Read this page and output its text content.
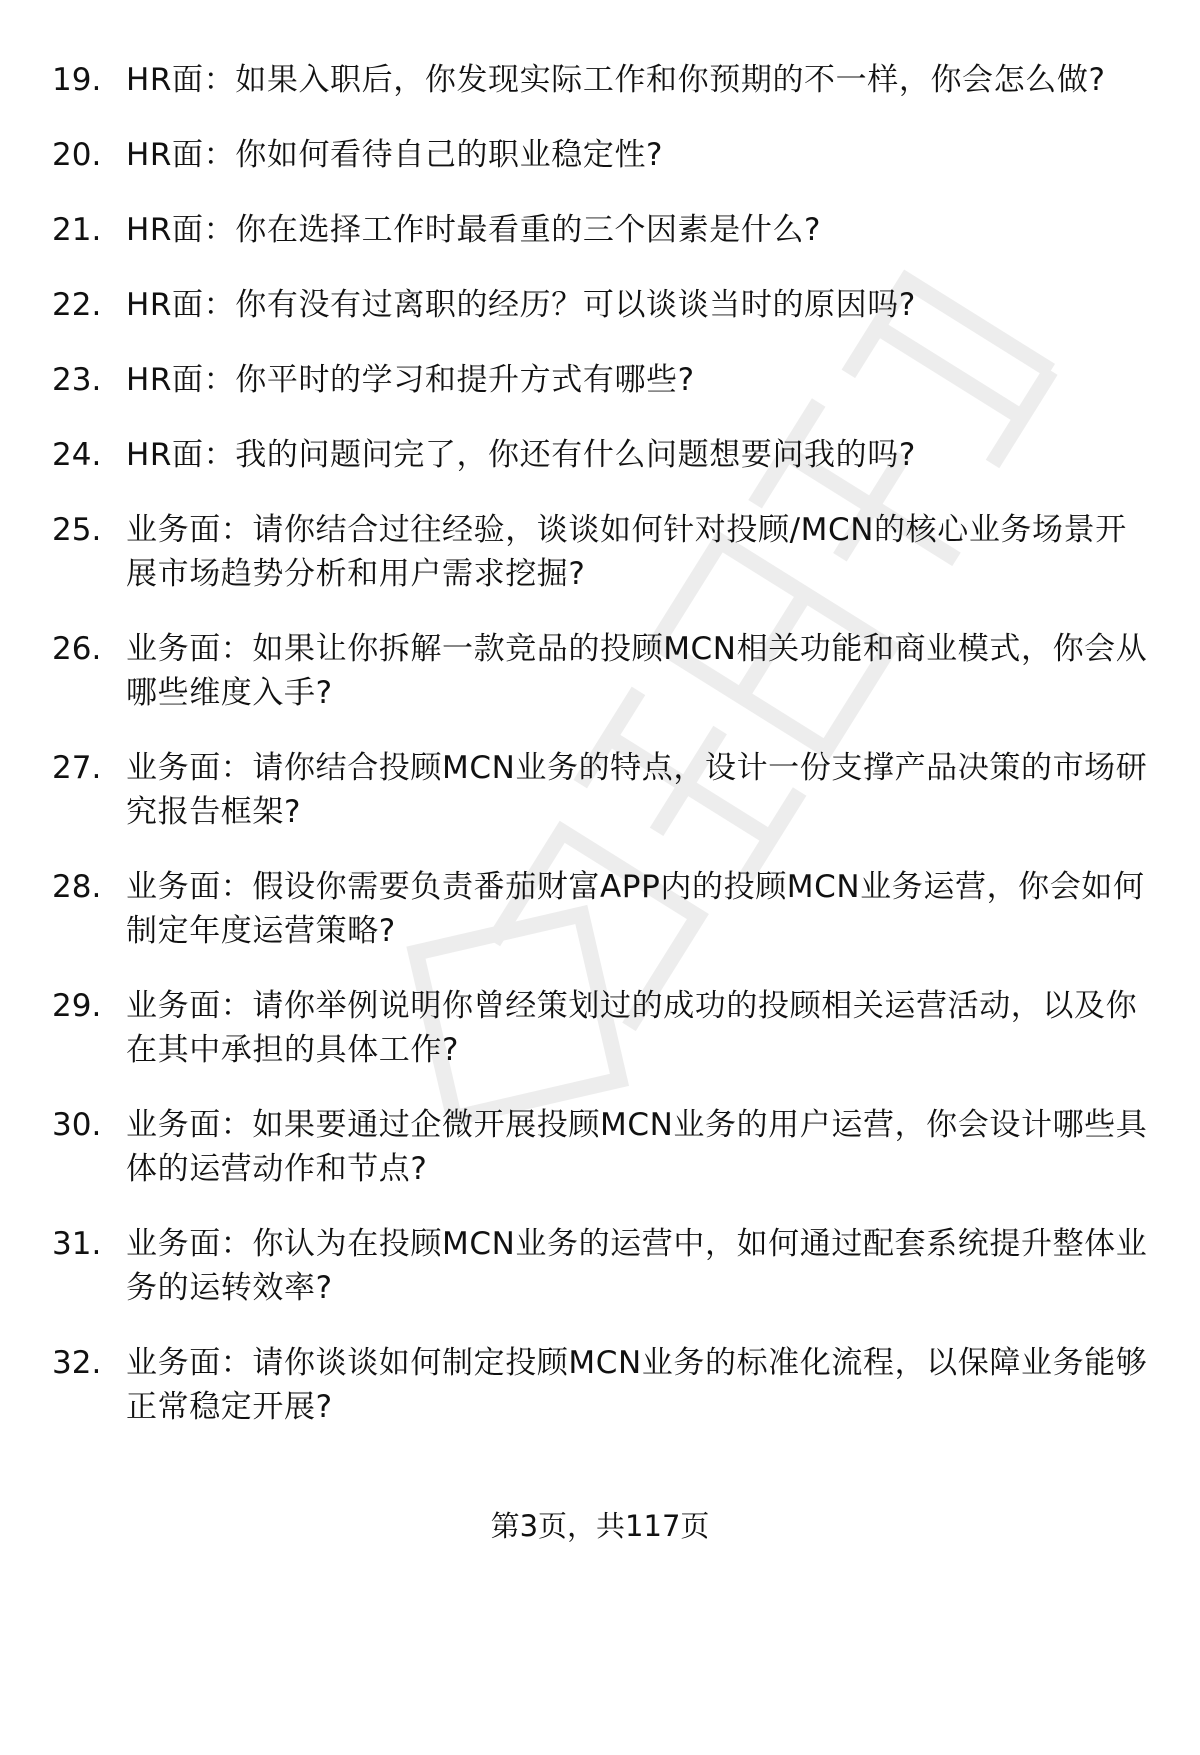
19. HR面：如果入职后，你发现实际工作和你预期的不一样，你会怎么做?
20. HR面：你如何看待自己的职业稳定性?
21. HR面：你在选择工作时最看重的三个因素是什么?
22. HR面：你有没有过离职的经历？可以谈谈当时的原因吗?
23. HR面：你平时的学习和提升方式有哪些?
24. HR面：我的问题问完了，你还有什么问题想要问我的吗?
25. 业务面：请你结合过往经验，谈谈如何针对投顾/MCN的核心业务场景开展市场趋势分析和用户需求挖掘?
26. 业务面：如果让你拆解一款竞品的投顾MCN相关功能和商业模式，你会从哪些维度入手?
27. 业务面：请你结合投顾MCN业务的特点，设计一份支撑产品决策的市场研究报告框架?
28. 业务面：假设你需要负责番茄财富APP内的投顾MCN业务运营，你会如何制定年度运营策略?
29. 业务面：请你举例说明你曾经策划过的成功的投顾相关运营活动，以及你在其中承担的具体工作?
30. 业务面：如果要通过企微开展投顾MCN业务的用户运营，你会设计哪些具体的运营动作和节点?
31. 业务面：你认为在投顾MCN业务的运营中，如何通过配套系统提升整体业务的运转效率?
32. 业务面：请你谈谈如何制定投顾MCN业务的标准化流程，以保障业务能够正常稳定开展?
第3页，共117页
